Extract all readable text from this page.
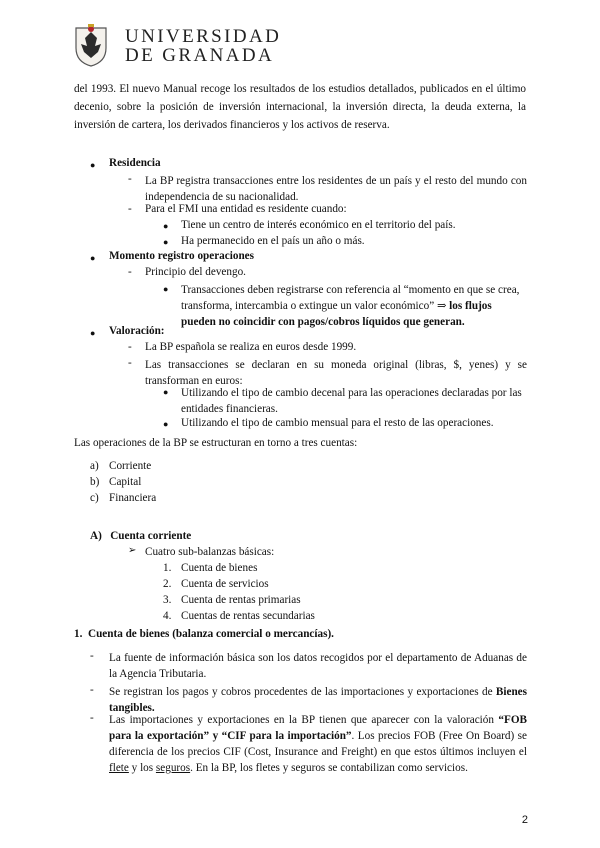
UNIVERSIDAD
DE GRANADA
del 1993. El nuevo Manual recoge los resultados de los estudios detallados, publicados en el último decenio, sobre la posición de inversión internacional, la inversión directa, la deuda externa, la inversión de cartera, los derivados financieros y los activos de reserva.
● Residencia
- La BP registra transacciones entre los residentes de un país y el resto del mundo con independencia de su nacionalidad.
- Para el FMI una entidad es residente cuando:
● Tiene un centro de interés económico en el territorio del país.
● Ha permanecido en el país un año o más.
● Momento registro operaciones
- Principio del devengo.
● Transacciones deben registrarse con referencia al “momento en que se crea, transforma, intercambia o extingue un valor económico” ⇒ los flujos pueden no coincidir con pagos/cobros líquidos que generan.
● Valoración:
- La BP española se realiza en euros desde 1999.
- Las transacciones se declaran en su moneda original (libras, $, yenes) y se transforman en euros:
● Utilizando el tipo de cambio decenal para las operaciones declaradas por las entidades financieras.
● Utilizando el tipo de cambio mensual para el resto de las operaciones.
Las operaciones de la BP se estructuran en torno a tres cuentas:
a) Corriente
b) Capital
c) Financiera
A)   Cuenta corriente
➢ Cuatro sub-balanzas básicas:
1. Cuenta de bienes
2. Cuenta de servicios
3. Cuenta de rentas primarias
4. Cuentas de rentas secundarias
1.  Cuenta de bienes (balanza comercial o mercancías).
- La fuente de información básica son los datos recogidos por el departamento de Aduanas de la Agencia Tributaria.
- Se registran los pagos y cobros procedentes de las importaciones y exportaciones de Bienes tangibles.
- Las importaciones y exportaciones en la BP tienen que aparecer con la valoración “FOB para la exportación” y “CIF para la importación”. Los precios FOB (Free On Board) se diferencia de los precios CIF (Cost, Insurance and Freight) en que estos últimos incluyen el flete y los seguros. En la BP, los fletes y seguros se contabilizan como servicios.
2
